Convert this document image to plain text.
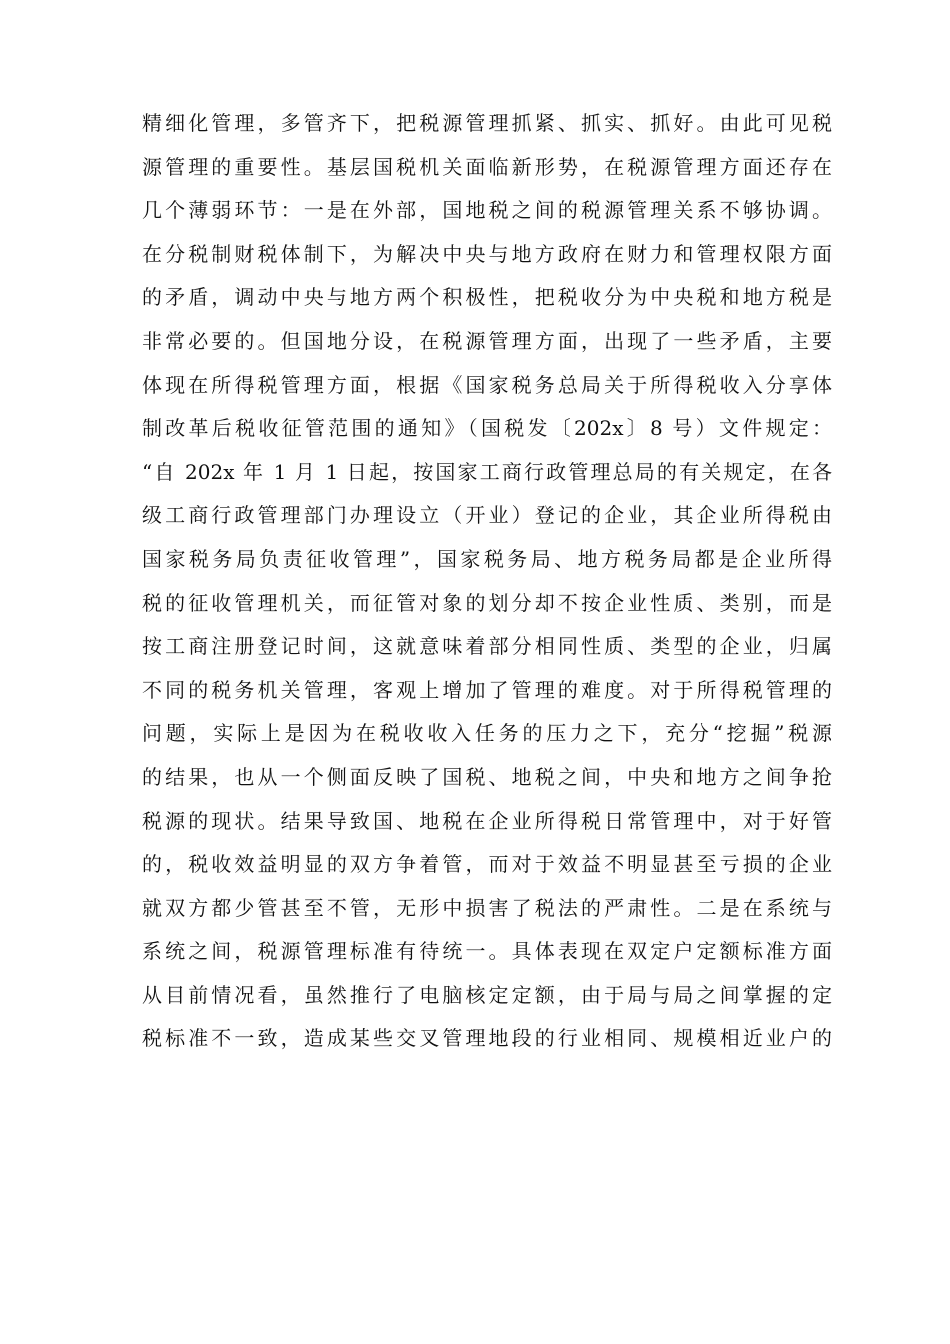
精细化管理，多管齐下，把税源管理抓紧、抓实、抓好。由此可见税
源管理的重要性。基层国税机关面临新形势，在税源管理方面还存在
几个薄弱环节：一是在外部，国地税之间的税源管理关系不够协调。
在分税制财税体制下，为解决中央与地方政府在财力和管理权限方面
的矛盾，调动中央与地方两个积极性，把税收分为中央税和地方税是
非常必要的。但国地分设，在税源管理方面，出现了一些矛盾，主要
体现在所得税管理方面，根据《国家税务总局关于所得税收入分享体
制改革后税收征管范围的通知》（国税发〔202x〕8 号）文件规定：
“自 202x 年 1 月 1 日起，按国家工商行政管理总局的有关规定，在各
级工商行政管理部门办理设立（开业）登记的企业，其企业所得税由
国家税务局负责征收管理”，国家税务局、地方税务局都是企业所得
税的征收管理机关，而征管对象的划分却不按企业性质、类别，而是
按工商注册登记时间，这就意味着部分相同性质、类型的企业，归属
不同的税务机关管理，客观上增加了管理的难度。对于所得税管理的
问题，实际上是因为在税收收入任务的压力之下，充分“挖掘”税源
的结果，也从一个侧面反映了国税、地税之间，中央和地方之间争抢
税源的现状。结果导致国、地税在企业所得税日常管理中，对于好管
的，税收效益明显的双方争着管，而对于效益不明显甚至亏损的企业
就双方都少管甚至不管，无形中损害了税法的严肃性。二是在系统与
系统之间，税源管理标准有待统一。具体表现在双定户定额标准方面
从目前情况看，虽然推行了电脑核定定额，由于局与局之间掌握的定
税标准不一致，造成某些交叉管理地段的行业相同、规模相近业户的
